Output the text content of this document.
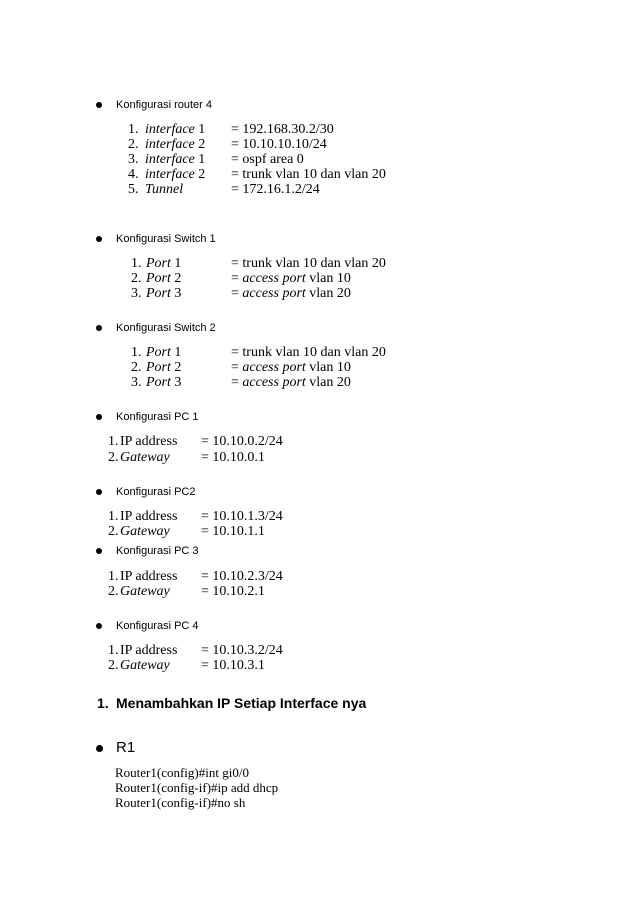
Konfigurasi router 4
1. interface 1 = 192.168.30.2/30
2. interface 2 = 10.10.10.10/24
3. interface 1 = ospf area 0
4. interface 2 = trunk vlan 10 dan vlan 20
5. Tunnel	= 172.16.1.2/24
Konfigurasi Switch 1
1. Port 1	= trunk vlan 10 dan vlan 20
2. Port 2	= access port vlan 10
3. Port 3	= access port vlan 20
Konfigurasi Switch 2
1. Port 1	= trunk vlan 10 dan vlan 20
2. Port 2	= access port vlan 10
3. Port 3	= access port vlan 20
Konfigurasi PC 1
1. IP address = 10.10.0.2/24
2. Gateway = 10.10.0.1
Konfigurasi PC2
1. IP address = 10.10.1.3/24
2. Gateway = 10.10.1.1
Konfigurasi PC 3
1. IP address = 10.10.2.3/24
2. Gateway = 10.10.2.1
Konfigurasi PC 4
1. IP address = 10.10.3.2/24
2. Gateway = 10.10.3.1
1. Menambahkan IP Setiap Interface nya
R1
Router1(config)#int gi0/0
Router1(config-if)#ip add dhcp
Router1(config-if)#no sh
